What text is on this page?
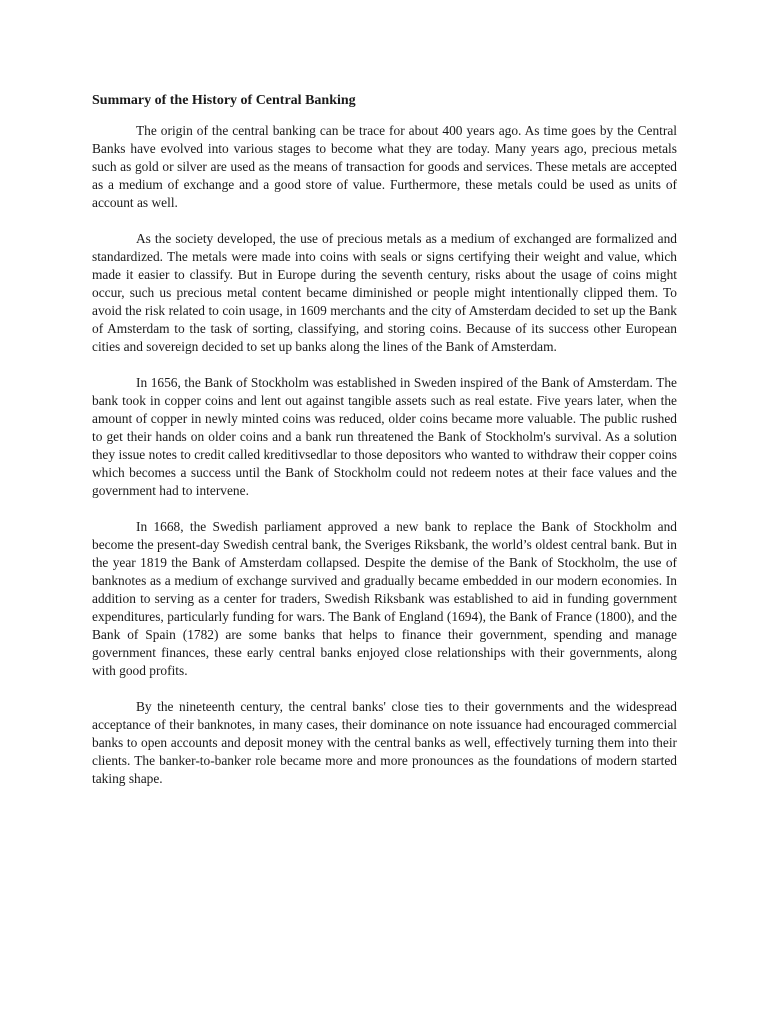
Summary of the History of Central Banking

The origin of the central banking can be trace for about 400 years ago. As time goes by the Central Banks have evolved into various stages to become what they are today. Many years ago, precious metals such as gold or silver are used as the means of transaction for goods and services. These metals are accepted as a medium of exchange and a good store of value. Furthermore, these metals could be used as units of account as well.

As the society developed, the use of precious metals as a medium of exchanged are formalized and standardized. The metals were made into coins with seals or signs certifying their weight and value, which made it easier to classify. But in Europe during the seventh century, risks about the usage of coins might occur, such us precious metal content became diminished or people might intentionally clipped them. To avoid the risk related to coin usage, in 1609 merchants and the city of Amsterdam decided to set up the Bank of Amsterdam to the task of sorting, classifying, and storing coins. Because of its success other European cities and sovereign decided to set up banks along the lines of the Bank of Amsterdam.

In 1656, the Bank of Stockholm was established in Sweden inspired of the Bank of Amsterdam. The bank took in copper coins and lent out against tangible assets such as real estate. Five years later, when the amount of copper in newly minted coins was reduced, older coins became more valuable. The public rushed to get their hands on older coins and a bank run threatened the Bank of Stockholm's survival. As a solution they issue notes to credit called kreditivsedlar to those depositors who wanted to withdraw their copper coins which becomes a success until the Bank of Stockholm could not redeem notes at their face values and the government had to intervene.

In 1668, the Swedish parliament approved a new bank to replace the Bank of Stockholm and become the present-day Swedish central bank, the Sveriges Riksbank, the world’s oldest central bank. But in the year 1819 the Bank of Amsterdam collapsed. Despite the demise of the Bank of Stockholm, the use of banknotes as a medium of exchange survived and gradually became embedded in our modern economies. In addition to serving as a center for traders, Swedish Riksbank was established to aid in funding government expenditures, particularly funding for wars. The Bank of England (1694), the Bank of France (1800), and the Bank of Spain (1782) are some banks that helps to finance their government, spending and manage government finances, these early central banks enjoyed close relationships with their governments, along with good profits.

By the nineteenth century, the central banks' close ties to their governments and the widespread acceptance of their banknotes, in many cases, their dominance on note issuance had encouraged commercial banks to open accounts and deposit money with the central banks as well, effectively turning them into their clients. The banker-to-banker role became more and more pronounces as the foundations of modern started taking shape.
